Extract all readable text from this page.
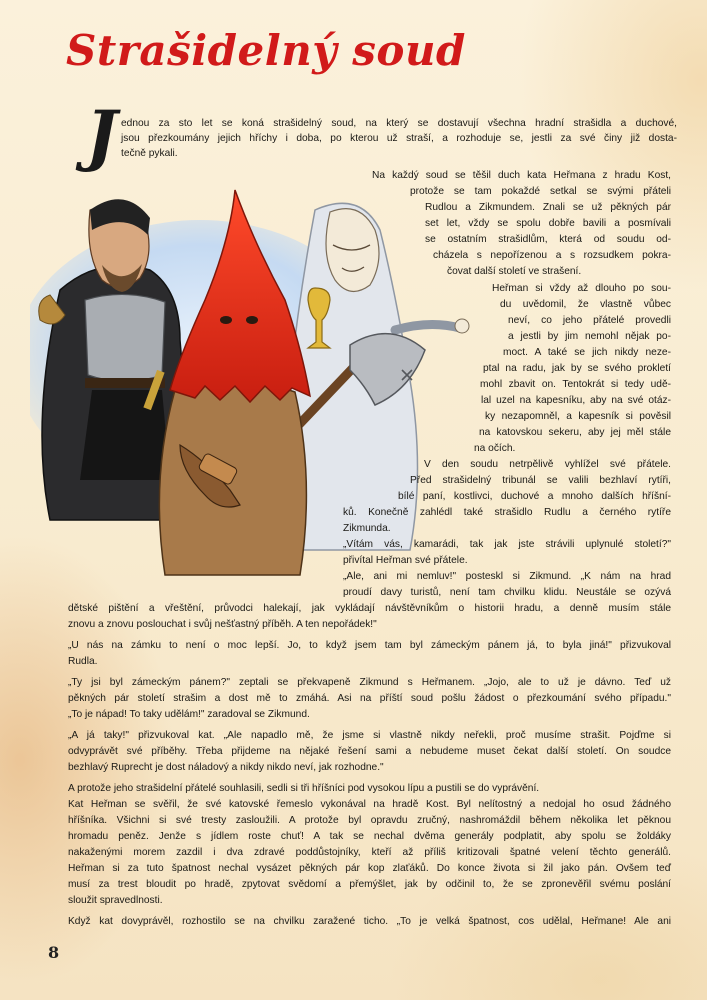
Strašidelný soud
J ednou za sto let se koná strašidelný soud, na který se dostavují všechna hradní strašidla a duchové,
jsou přezkoumány jejich hříchy i doba, po kterou už straší, a rozhoduje se, jestli za své činy již dosta-
tečně pykali.
Na každý soud se těšil duch kata Heřmana z hradu Kost,
protože se tam pokaždé setkal se svými přáteli
Rudlou a Zikmundem. Znali se už pěkných pár
set let, vždy se spolu dobře bavili a posmívali
se ostatním strašidlům, která od soudu od-
cházela s nepořízenou a s rozsudkem pokra-
čovat další století ve strašení.
Heřman si vždy až dlouho po sou-
du uvědomil, že vlastně vůbec
neví, co jeho přátelé provedli
a jestli by jim nemohl nějak po-
moct. A také se jich nikdy neze-
ptal na radu, jak by se svého prokletí
mohl zbavit on. Tentokrát si tedy udě-
lal uzel na kapesníku, aby na své otáz-
ky nezapomněl, a kapesník si pověsil
na katovskou sekeru, aby jej měl stále
na očích.
V den soudu netrpělivě vyhlížel své přátele.
Před strašidelný tribunál se valili bezhlaví rytíři,
bílé paní, kostlivci, duchové a mnoho dalších hříšní-
ků. Konečně zahlédl také strašidlo Rudlu a černého rytíře
Zikmunda.
„Vítám vás, kamarádi, tak jak jste strávili uplynulé století?"
přivítal Heřman své přátele.
„Ale, ani mi nemluv!" posteskl si Zikmund. „K nám na hrad
proudí davy turistů, není tam chvilku klidu. Neustále se ozývá
dětské pištění a vřeštění, průvodci halekají, jak vykládají návštěvníkům o historii hradu, a denně musím stále
znovu a znovu poslouchat i svůj nešťastný příběh. A ten nepořádek!"
„U nás na zámku to není o moc lepší. Jo, to když jsem tam byl zámeckým pánem já, to byla jiná!" přizvukoval
Rudla.
„Ty jsi byl zámeckým pánem?" zeptali se překvapeně Zikmund s Heřmanem. „Jojo, ale to už je dávno. Teď už
pěkných pár století strašim a dost mě to zmáhá. Asi na příští soud pošlu žádost o přezkoumání svého případu."
„To je nápad! To taky udělám!" zaradoval se Zikmund.
„A já taky!" přizvukoval kat. „Ale napadlo mě, že jsme si vlastně nikdy neřekli, proč musíme strašit. Pojďme si
odvyprávět své příběhy. Třeba přijdeme na nějaké řešení sami a nebudeme muset čekat další století. On soudce
bezhlavý Ruprecht je dost náladový a nikdy nikdo neví, jak rozhodne."
A protože jeho strašidelní přátelé souhlasili, sedli si tři hříšníci pod vysokou lípu a pustili se do vyprávění.
Kat Heřman se svěřil, že své katovské řemeslo vykonával na hradě Kost. Byl nelítostný a nedojal ho osud žádného
hříšníka. Všichni si své tresty zasloužili. A protože byl opravdu zručný, nashromáždil během několika let pěknou
hromadu peněz. Jenže s jídlem roste chuť! A tak se nechal dvěma generály podplatit, aby spolu se žoldáky
nakaženými morem zazdil i dva zdravé poddůstojníky, kteří až příliš kritizovali špatné velení těchto generálů.
Heřman si za tuto špatnost nechal vysázet pěkných pár kop zlaťáků. Do konce života si žil jako pán. Ovšem teď
musí za trest bloudit po hradě, zpytovat svědomí a přemýšlet, jak by odčinil to, že se zpronevěřil svému poslání
sloužit spravedlnosti.
Když kat dovyprávěl, rozhostilo se na chvilku zaražené ticho. „To je velká špatnost, cos udělal, Heřmane! Ale ani
8
